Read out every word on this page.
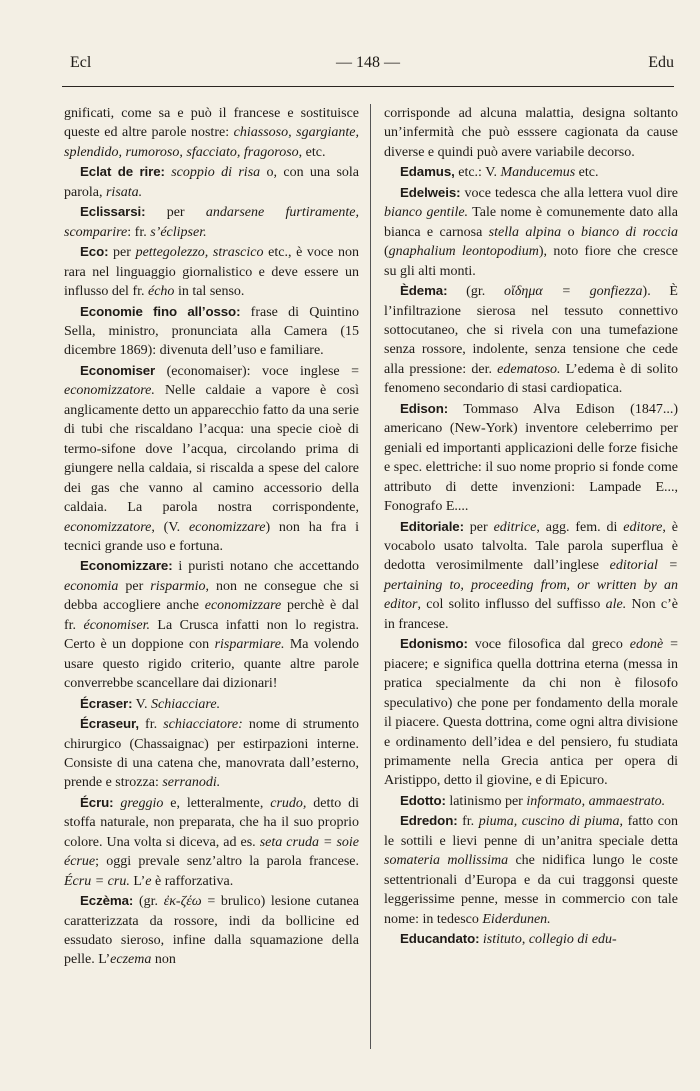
Ecl	— 148 —	Edu

gnificati, come sa e può il francese e sostituisce queste ed altre parole nostre: chiassoso, sgargiante, splendido, rumoroso, sfacciato, fragoroso, etc.

Eclat de rire: scoppio di risa o, con una sola parola, risata.

Eclissarsi: per andarsene furtiramente, scomparire: fr. s’éclipser.

Eco: per pettegolezzo, strascico etc., è voce non rara nel linguaggio giornalistico e deve essere un influsso del fr. écho in tal senso.

Economie fino all’osso: frase di Quintino Sella, ministro, pronunciata alla Camera (15 dicembre 1869): divenuta dell’uso e familiare.

Economiser (economaiser): voce inglese = economizzatore. Nelle caldaie a vapore è così anglicamente detto un apparecchio fatto da una serie di tubi che riscaldano l’acqua: una specie cioè di termo-sifone dove l’acqua, circolando prima di giungere nella caldaia, si riscalda a spese del calore dei gas che vanno al camino accessorio della caldaia. La parola nostra corrispondente, economizzatore, (V. economizzare) non ha fra i tecnici grande uso e fortuna.

Economizzare: i puristi notano che accettando economia per risparmio, non ne consegue che si debba accogliere anche economizzare perchè è dal fr. économiser. La Crusca infatti non lo registra. Certo è un doppione con risparmiare. Ma volendo usare questo rigido criterio, quante altre parole converrebbe scancellare dai dizionari!

Écraser: V. Schiacciare.

Écraseur, fr. schiacciatore: nome di strumento chirurgico (Chassaignac) per estirpazioni interne. Consiste di una catena che, manovrata dall’esterno, prende e strozza: serranodi.

Écru: greggio e, letteralmente, crudo, detto di stoffa naturale, non preparata, che ha il suo proprio colore. Una volta si diceva, ad es. seta cruda = soie écrue; oggi prevale senz’altro la parola francese. Écru = cru. L’e è rafforzativa.

Eczèma: (gr. ἐκ-ζέω = brulico) lesione cutanea caratterizzata da rossore, indi da bollicine ed essudato sieroso, infine dalla squamazione della pelle. L’eczema non

corrisponde ad alcuna malattia, designa soltanto un’infermità che può esssere cagionata da cause diverse e quindi può avere variabile decorso.

Edamus, etc.: V. Manducemus etc.

Edelweis: voce tedesca che alla lettera vuol dire bianco gentile. Tale nome è comunemente dato alla bianca e carnosa stella alpina o bianco di roccia (gnaphalium leontopodium), noto fiore che cresce su gli alti monti.

Èdema: (gr. οἴδημα = gonfiezza). È l’infiltrazione sierosa nel tessuto connettivo sottocutaneo, che si rivela con una tumefazione senza rossore, indolente, senza tensione che cede alla pressione: der. edematoso. L’edema è di solito fenomeno secondario di stasi cardiopatica.

Edison: Tommaso Alva Edison (1847...) americano (New-York) inventore celeberrimo per geniali ed importanti applicazioni delle forze fisiche e spec. elettriche: il suo nome proprio si fonde come attributo di dette invenzioni: Lampade E..., Fonografo E....

Editoriale: per editrice, agg. fem. di editore, è vocabolo usato talvolta. Tale parola superflua è dedotta verosimilmente dall’inglese editorial = pertaining to, proceeding from, or written by an editor, col solito influsso del suffisso ale. Non c’è in francese.

Edonismo: voce filosofica dal greco edonè = piacere; e significa quella dottrina eterna (messa in pratica specialmente da chi non è filosofo speculativo) che pone per fondamento della morale il piacere. Questa dottrina, come ogni altra divisione e ordinamento dell’idea e del pensiero, fu studiata primamente nella Grecia antica per opera di Aristippo, detto il giovine, e di Epicuro.

Edotto: latinismo per informato, ammaestrato.

Edredon: fr. piuma, cuscino di piuma, fatto con le sottili e lievi penne di un’anitra speciale detta somateria mollissima che nidifica lungo le coste settentrionali d’Europa e da cui traggonsi queste leggerissime penne, messe in commercio con tale nome: in tedesco Eiderdunen.

Educandato: istituto, collegio di edu-
